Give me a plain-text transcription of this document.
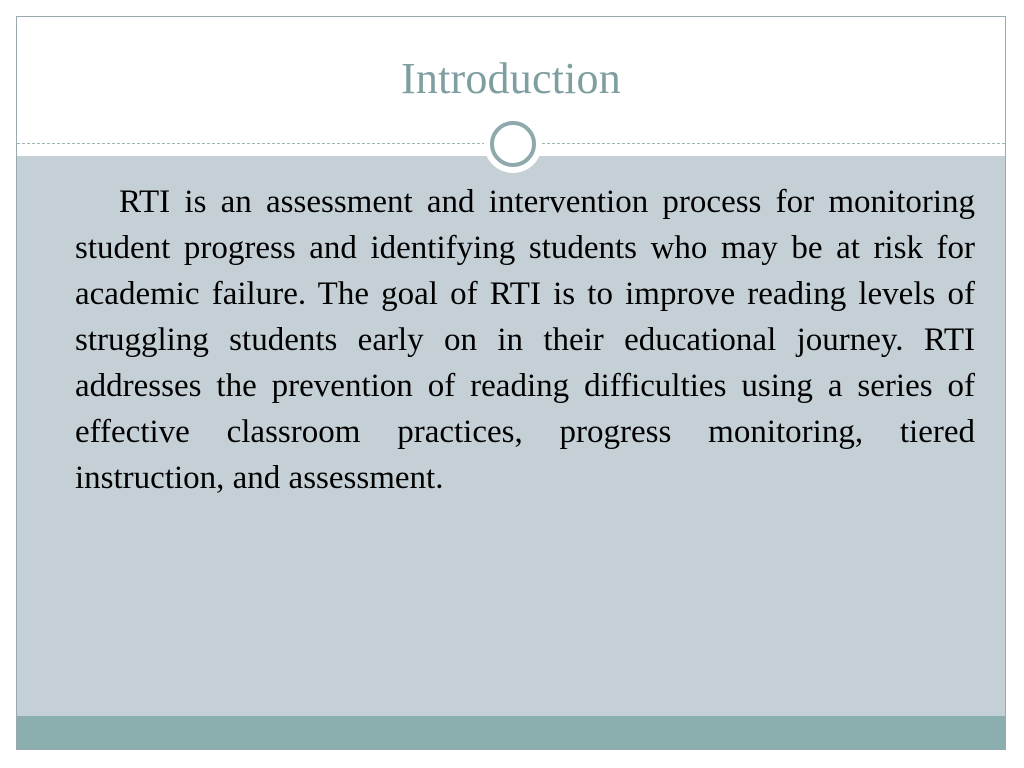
Introduction

RTI is an assessment and intervention process for monitoring student progress and identifying students who may be at risk for academic failure. The goal of RTI is to improve reading levels of struggling students early on in their educational journey. RTI addresses the prevention of reading difficulties using a series of effective classroom practices, progress monitoring, tiered instruction, and assessment.
